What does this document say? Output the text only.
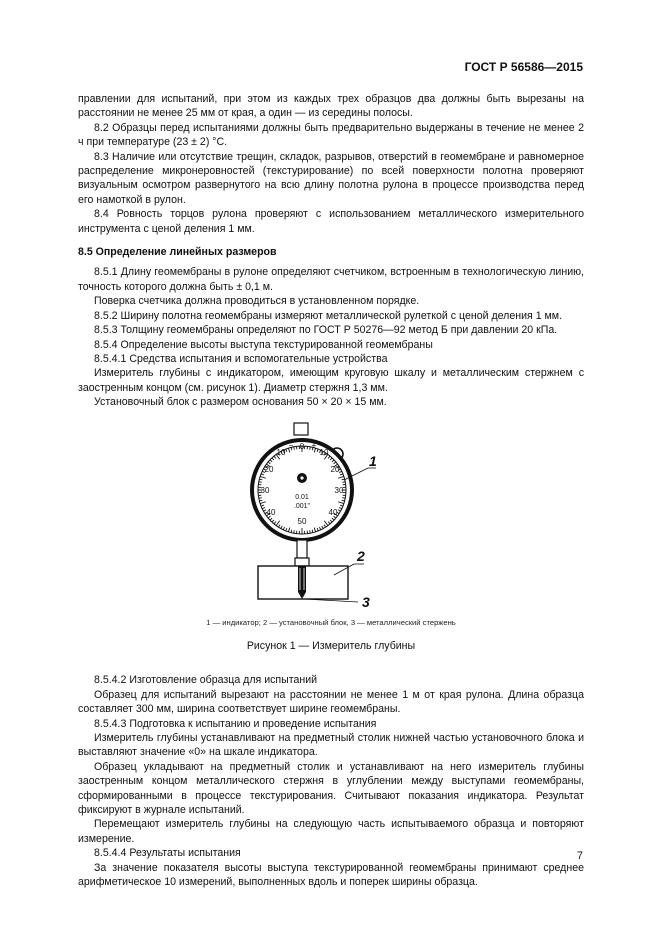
ГОСТ Р 56586—2015

правлении для испытаний, при этом из каждых трех образцов два должны быть вырезаны на расстоянии не менее 25 мм от края, а один — из середины полосы.

8.2 Образцы перед испытаниями должны быть предварительно выдержаны в течение не менее 2 ч при температуре (23 ± 2) °С.

8.3 Наличие или отсутствие трещин, складок, разрывов, отверстий в геомембране и равномерное распределение микронеровностей (текстурирование) по всей поверхности полотна проверяют визуальным осмотром развернутого на всю длину полотна рулона в процессе производства перед его намоткой в рулон.

8.4 Ровность торцов рулона проверяют с использованием металлического измерительного инструмента с ценой деления 1 мм.

8.5 Определение линейных размеров

8.5.1 Длину геомембраны в рулоне определяют счетчиком, встроенным в технологическую линию, точность которого должна быть ± 0,1 м.

Поверка счетчика должна проводиться в установленном порядке.

8.5.2 Ширину полотна геомембраны измеряют металлической рулеткой с ценой деления 1 мм.

8.5.3 Толщину геомембраны определяют по ГОСТ Р 50276—92 метод Б при давлении 20 кПа.

8.5.4 Определение высоты выступа текстурированной геомембраны

8.5.4.1 Средства испытания и вспомогательные устройства

Измеритель глубины с индикатором, имеющим круговую шкалу и металлическим стержнем с заостренным концом (см. рисунок 1). Диаметр стержня 1,3 мм.

Установочный блок с размером основания 50 × 20 × 15 мм.

0
10	10
20	20
30	30
40	40
50
− +
0.01
.001"
1
2
3

1 — индикатор; 2 — установочный блок, 3 — металлический стержень

Рисунок 1 — Измеритель глубины

8.5.4.2 Изготовление образца для испытаний

Образец для испытаний вырезают на расстоянии не менее 1 м от края рулона. Длина образца составляет 300 мм, ширина соответствует ширине геомембраны.

8.5.4.3 Подготовка к испытанию и проведение испытания

Измеритель глубины устанавливают на предметный столик нижней частью установочного блока и выставляют значение «0» на шкале индикатора.

Образец укладывают на предметный столик и устанавливают на него измеритель глубины заостренным концом металлического стержня в углублении между выступами геомембраны, сформированными в процессе текстурирования. Считывают показания индикатора. Результат фиксируют в журнале испытаний.

Перемещают измеритель глубины на следующую часть испытываемого образца и повторяют измерение.

8.5.4.4 Результаты испытания

За значение показателя высоты выступа текстурированной геомембраны принимают среднее арифметическое 10 измерений, выполненных вдоль и поперек ширины образца.

7
